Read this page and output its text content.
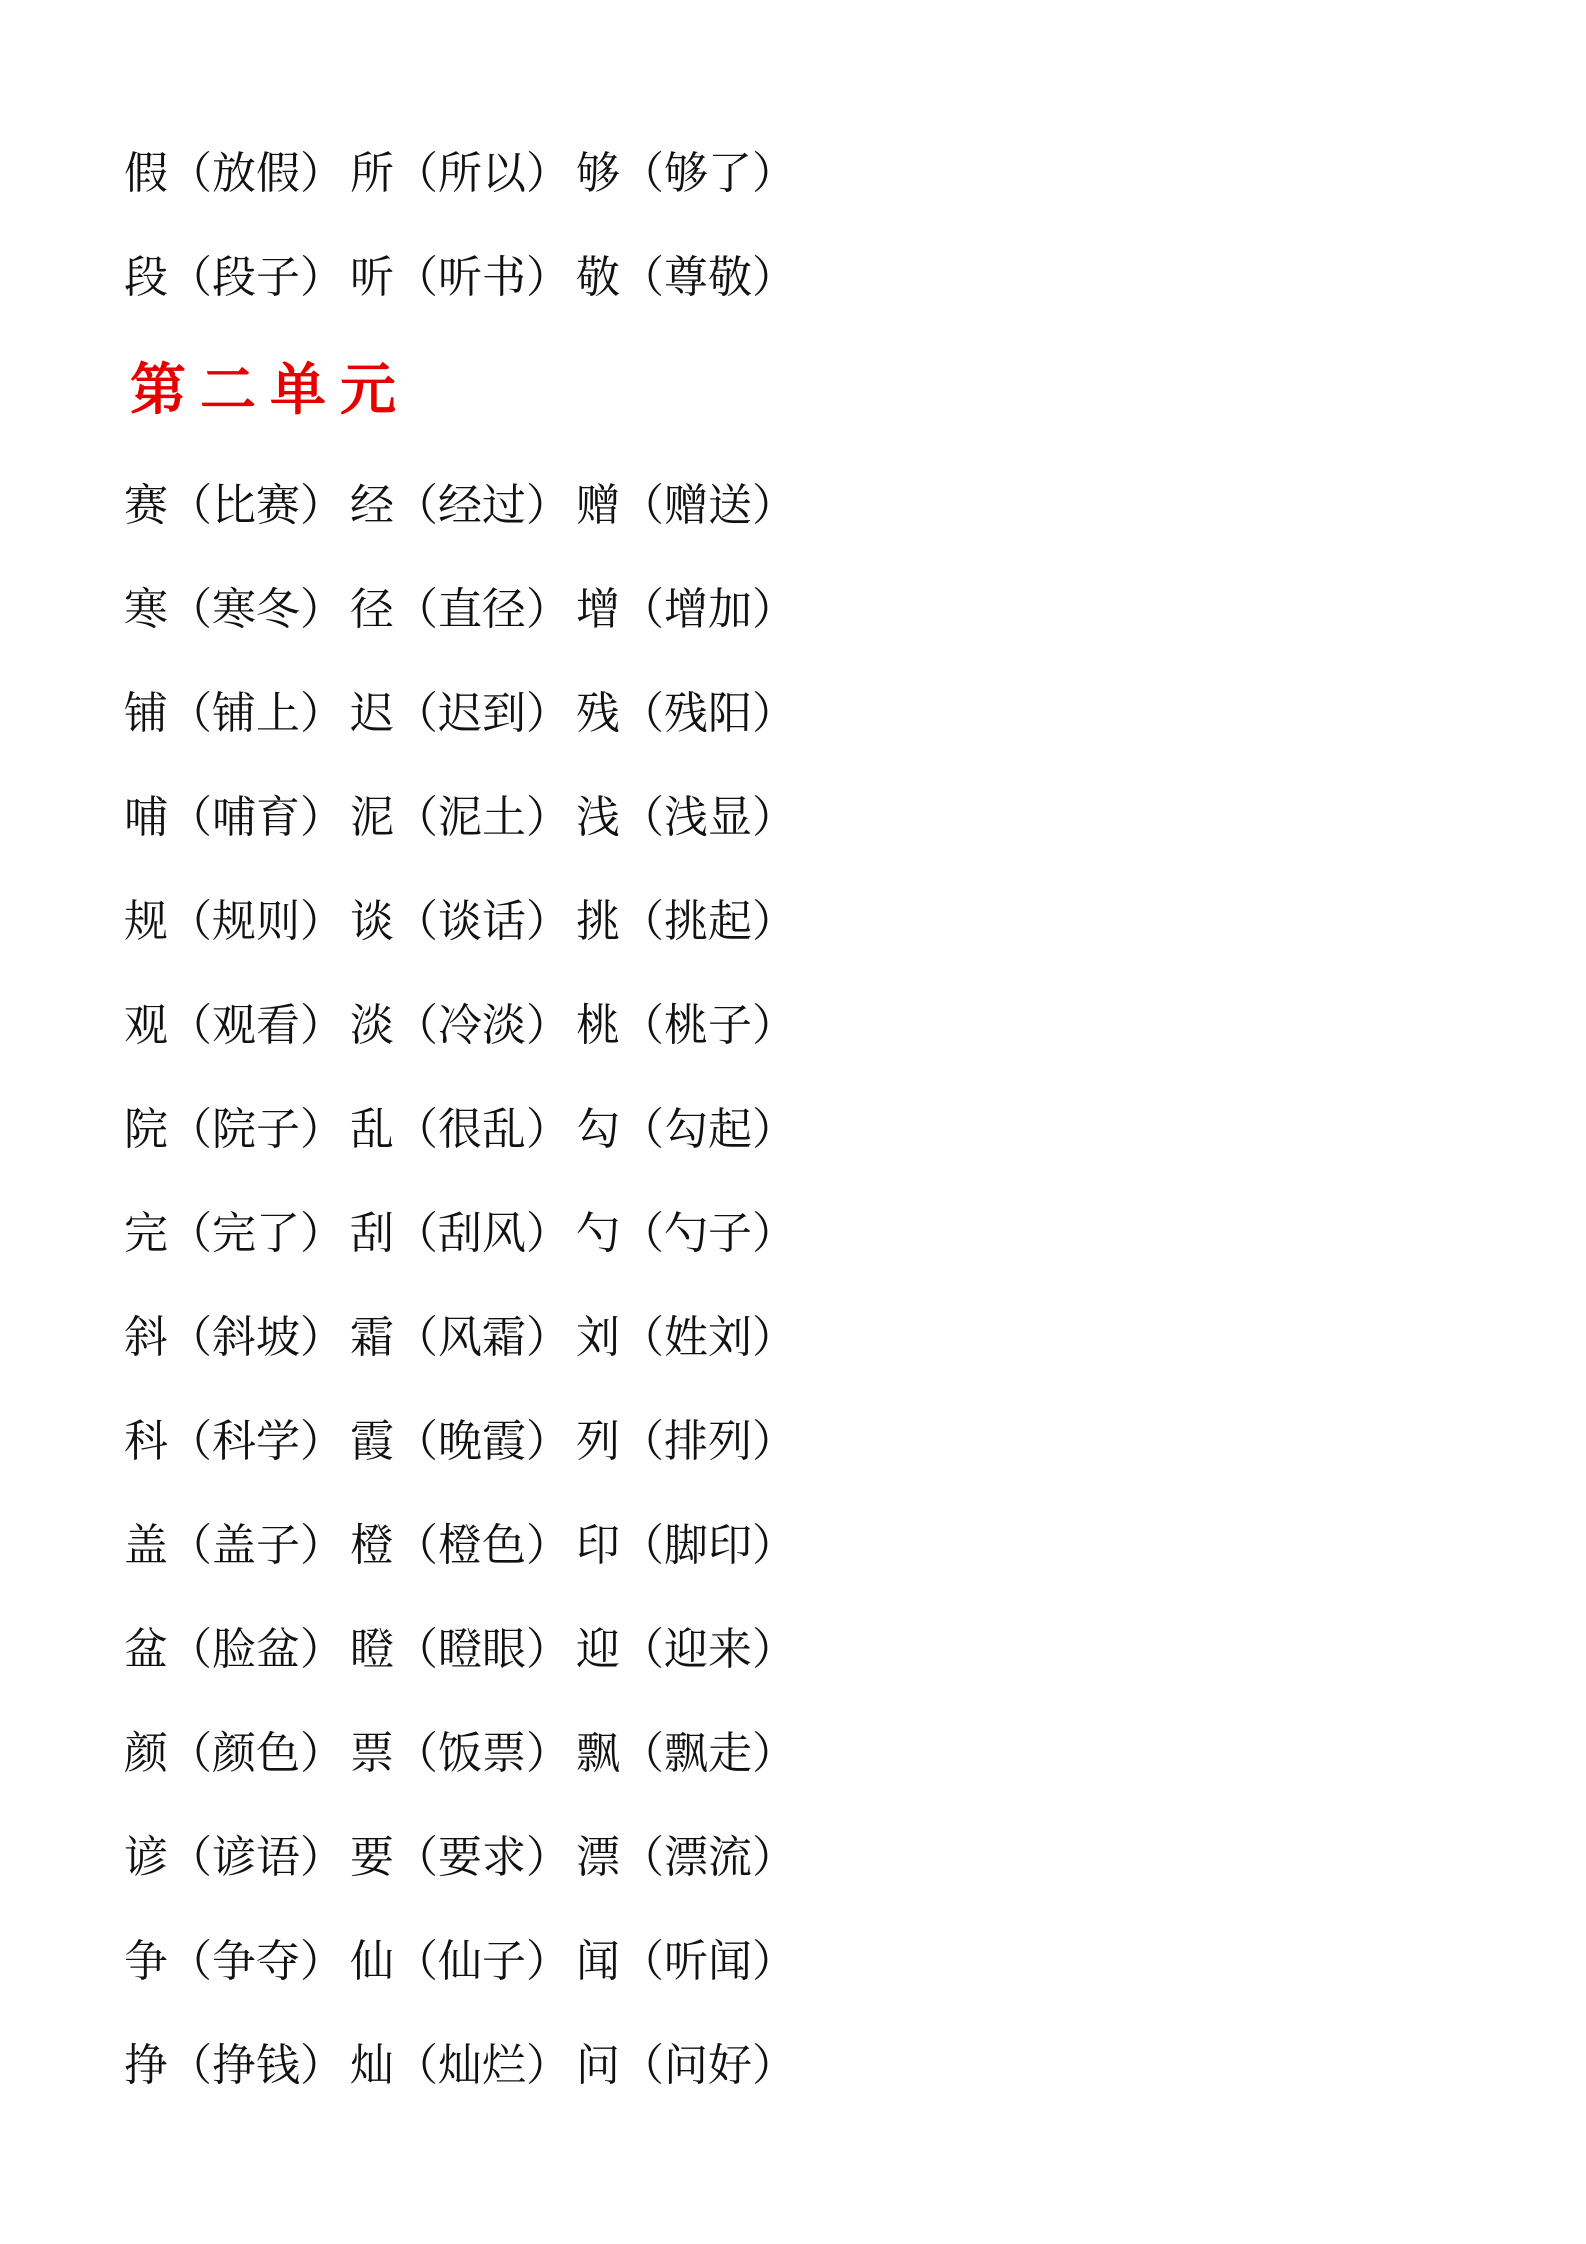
假（放假） 所（所以） 够（够了）
段（段子） 听（听书） 敬（尊敬）
第二单元
赛（比赛） 经（经过） 赠（赠送）
寒（寒冬） 径（直径） 增（增加）
铺（铺上） 迟（迟到） 残（残阳）
哺（哺育） 泥（泥土） 浅（浅显）
规（规则） 谈（谈话） 挑（挑起）
观（观看） 淡（冷淡） 桃（桃子）
院（院子） 乱（很乱） 勾（勾起）
完（完了） 刮（刮风） 勺（勺子）
斜（斜坡） 霜（风霜） 刘（姓刘）
科（科学） 霞（晚霞） 列（排列）
盖（盖子） 橙（橙色） 印（脚印）
盆（脸盆） 瞪（瞪眼） 迎（迎来）
颜（颜色） 票（饭票） 飘（飘走）
谚（谚语） 要（要求） 漂（漂流）
争（争夺） 仙（仙子） 闻（听闻）
挣（挣钱） 灿（灿烂） 问（问好）
